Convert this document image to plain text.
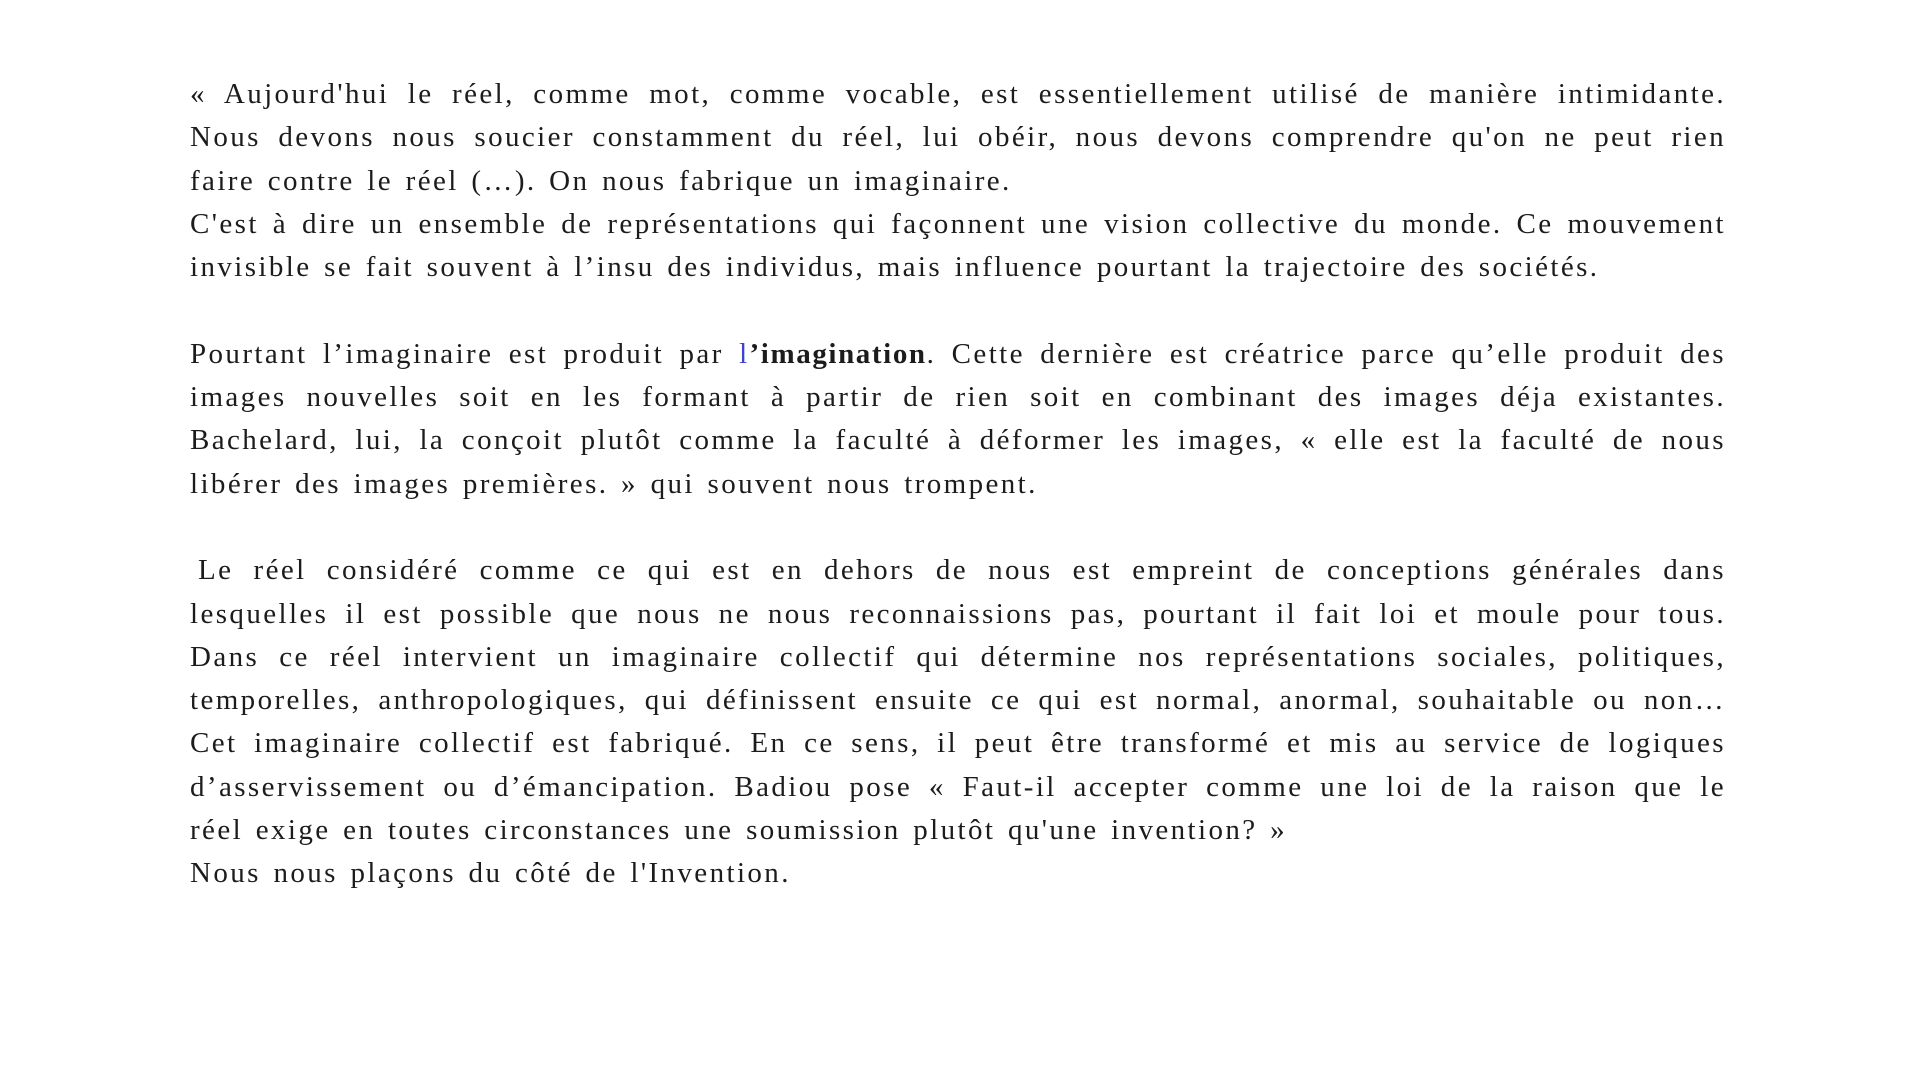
« Aujourd'hui le réel, comme mot, comme vocable, est essentiellement utilisé de manière intimidante. Nous devons nous soucier constamment du réel, lui obéir, nous devons comprendre qu'on ne peut rien faire contre le réel (…). On nous fabrique un imaginaire.
C'est à dire un ensemble de représentations qui façonnent une vision collective du monde. Ce mouvement invisible se fait souvent à l’insu des individus, mais influence pourtant la trajectoire des sociétés.

Pourtant l’imaginaire est produit par l’imagination. Cette dernière est créatrice parce qu’elle produit des images nouvelles soit en les formant à partir de rien soit en combinant des images déja existantes. Bachelard, lui, la conçoit plutôt comme la faculté à déformer les images, « elle est la faculté de nous libérer des images premières. » qui souvent nous trompent.

Le réel considéré comme ce qui est en dehors de nous est empreint de conceptions générales dans lesquelles il est possible que nous ne nous reconnaissions pas, pourtant il fait loi et moule pour tous. Dans ce réel intervient un imaginaire collectif qui détermine nos représentations sociales, politiques, temporelles, anthropologiques, qui définissent ensuite ce qui est normal, anormal, souhaitable ou non… Cet imaginaire collectif est fabriqué. En ce sens, il peut être transformé et mis au service de logiques d’asservissement ou d’émancipation. Badiou pose « Faut-il accepter comme une loi de la raison que le réel exige en toutes circonstances une soumission plutôt qu'une invention? »
Nous nous plaçons du côté de l'Invention.
